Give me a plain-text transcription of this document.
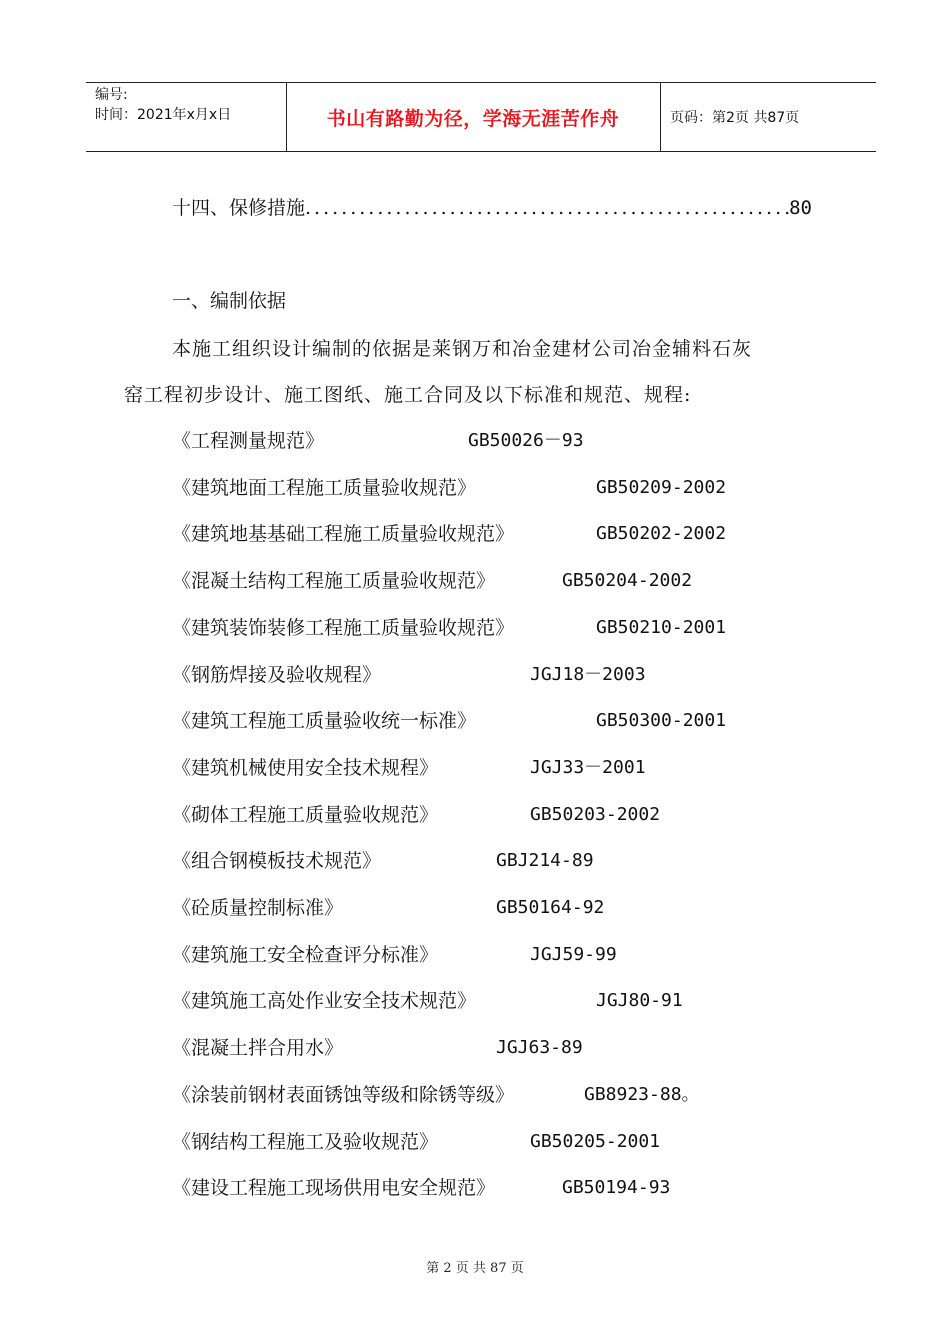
编号:
时间：2021年x月x日	书山有路勤为径，学海无涯苦作舟	页码：第2页 共87页
十四、保修措施
.....	80
一、编制依据
本施工组织设计编制的依据是莱钢万和冶金建材公司冶金辅料石灰
窑工程初步设计、施工图纸、施工合同及以下标准和规范、规程:
《工程测量规范》	GB50026－93
《建筑地面工程施工质量验收规范》	GB50209-2002
《建筑地基基础工程施工质量验收规范》	GB50202-2002
《混凝土结构工程施工质量验收规范》	GB50204-2002
《建筑装饰装修工程施工质量验收规范》	GB50210-2001
《钢筋焊接及验收规程》	JGJ18－2003
《建筑工程施工质量验收统一标准》	GB50300-2001
《建筑机械使用安全技术规程》	JGJ33－2001
《砌体工程施工质量验收规范》	GB50203-2002
《组合钢模板技术规范》	GBJ214-89
《砼质量控制标准》	GB50164-92
《建筑施工安全检查评分标准》	JGJ59-99
《建筑施工高处作业安全技术规范》	JGJ80-91
《混凝土拌合用水》	JGJ63-89
《涂装前钢材表面锈蚀等级和除锈等级》	GB8923-88。
《钢结构工程施工及验收规范》	GB50205-2001
《建设工程施工现场供用电安全规范》	GB50194-93
第 2 页 共 87 页
